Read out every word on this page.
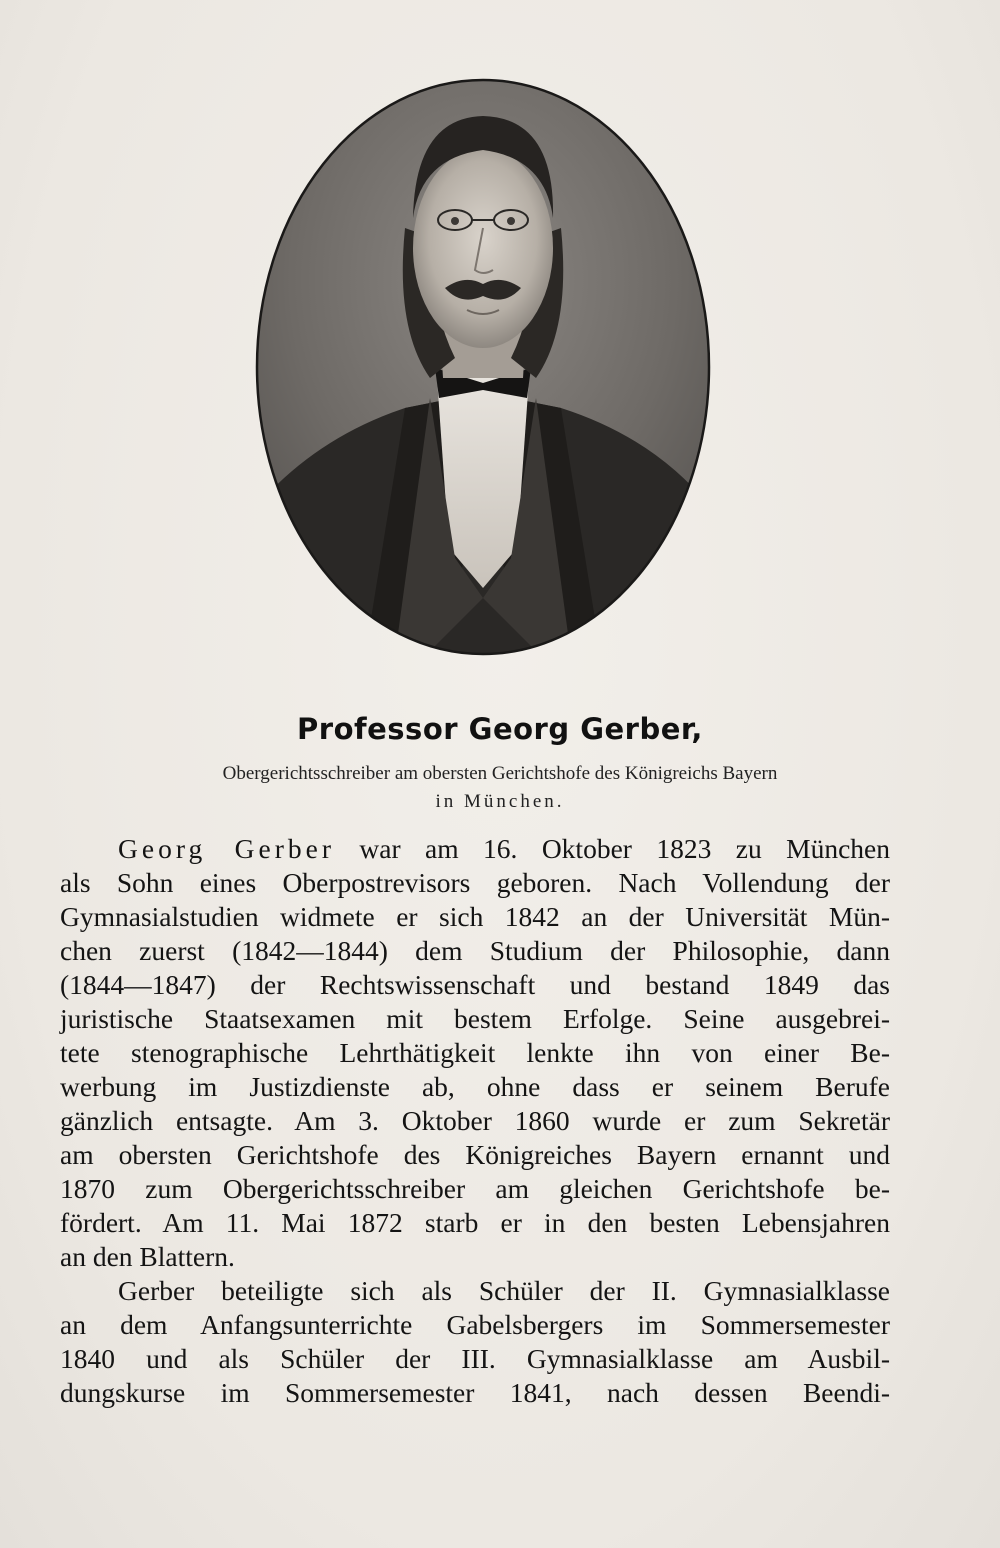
Professor Georg Gerber,
Obergerichtsschreiber am obersten Gerichtshofe des Königreichs Bayern
in München.
Georg Gerber war am 16. Oktober 1823 zu München
als Sohn eines Oberpostrevisors geboren. Nach Vollendung der
Gymnasialstudien widmete er sich 1842 an der Universität Mün-
chen zuerst (1842—1844) dem Studium der Philosophie, dann
(1844—1847) der Rechtswissenschaft und bestand 1849 das
juristische Staatsexamen mit bestem Erfolge. Seine ausgebrei-
tete stenographische Lehrthätigkeit lenkte ihn von einer Be-
werbung im Justizdienste ab, ohne dass er seinem Berufe
gänzlich entsagte. Am 3. Oktober 1860 wurde er zum Sekretär
am obersten Gerichtshofe des Königreiches Bayern ernannt und
1870 zum Obergerichtsschreiber am gleichen Gerichtshofe be-
fördert. Am 11. Mai 1872 starb er in den besten Lebensjahren
an den Blattern.
Gerber beteiligte sich als Schüler der II. Gymnasialklasse
an dem Anfangsunterrichte Gabelsbergers im Sommersemester
1840 und als Schüler der III. Gymnasialklasse am Ausbil-
dungskurse im Sommersemester 1841, nach dessen Beendi-
